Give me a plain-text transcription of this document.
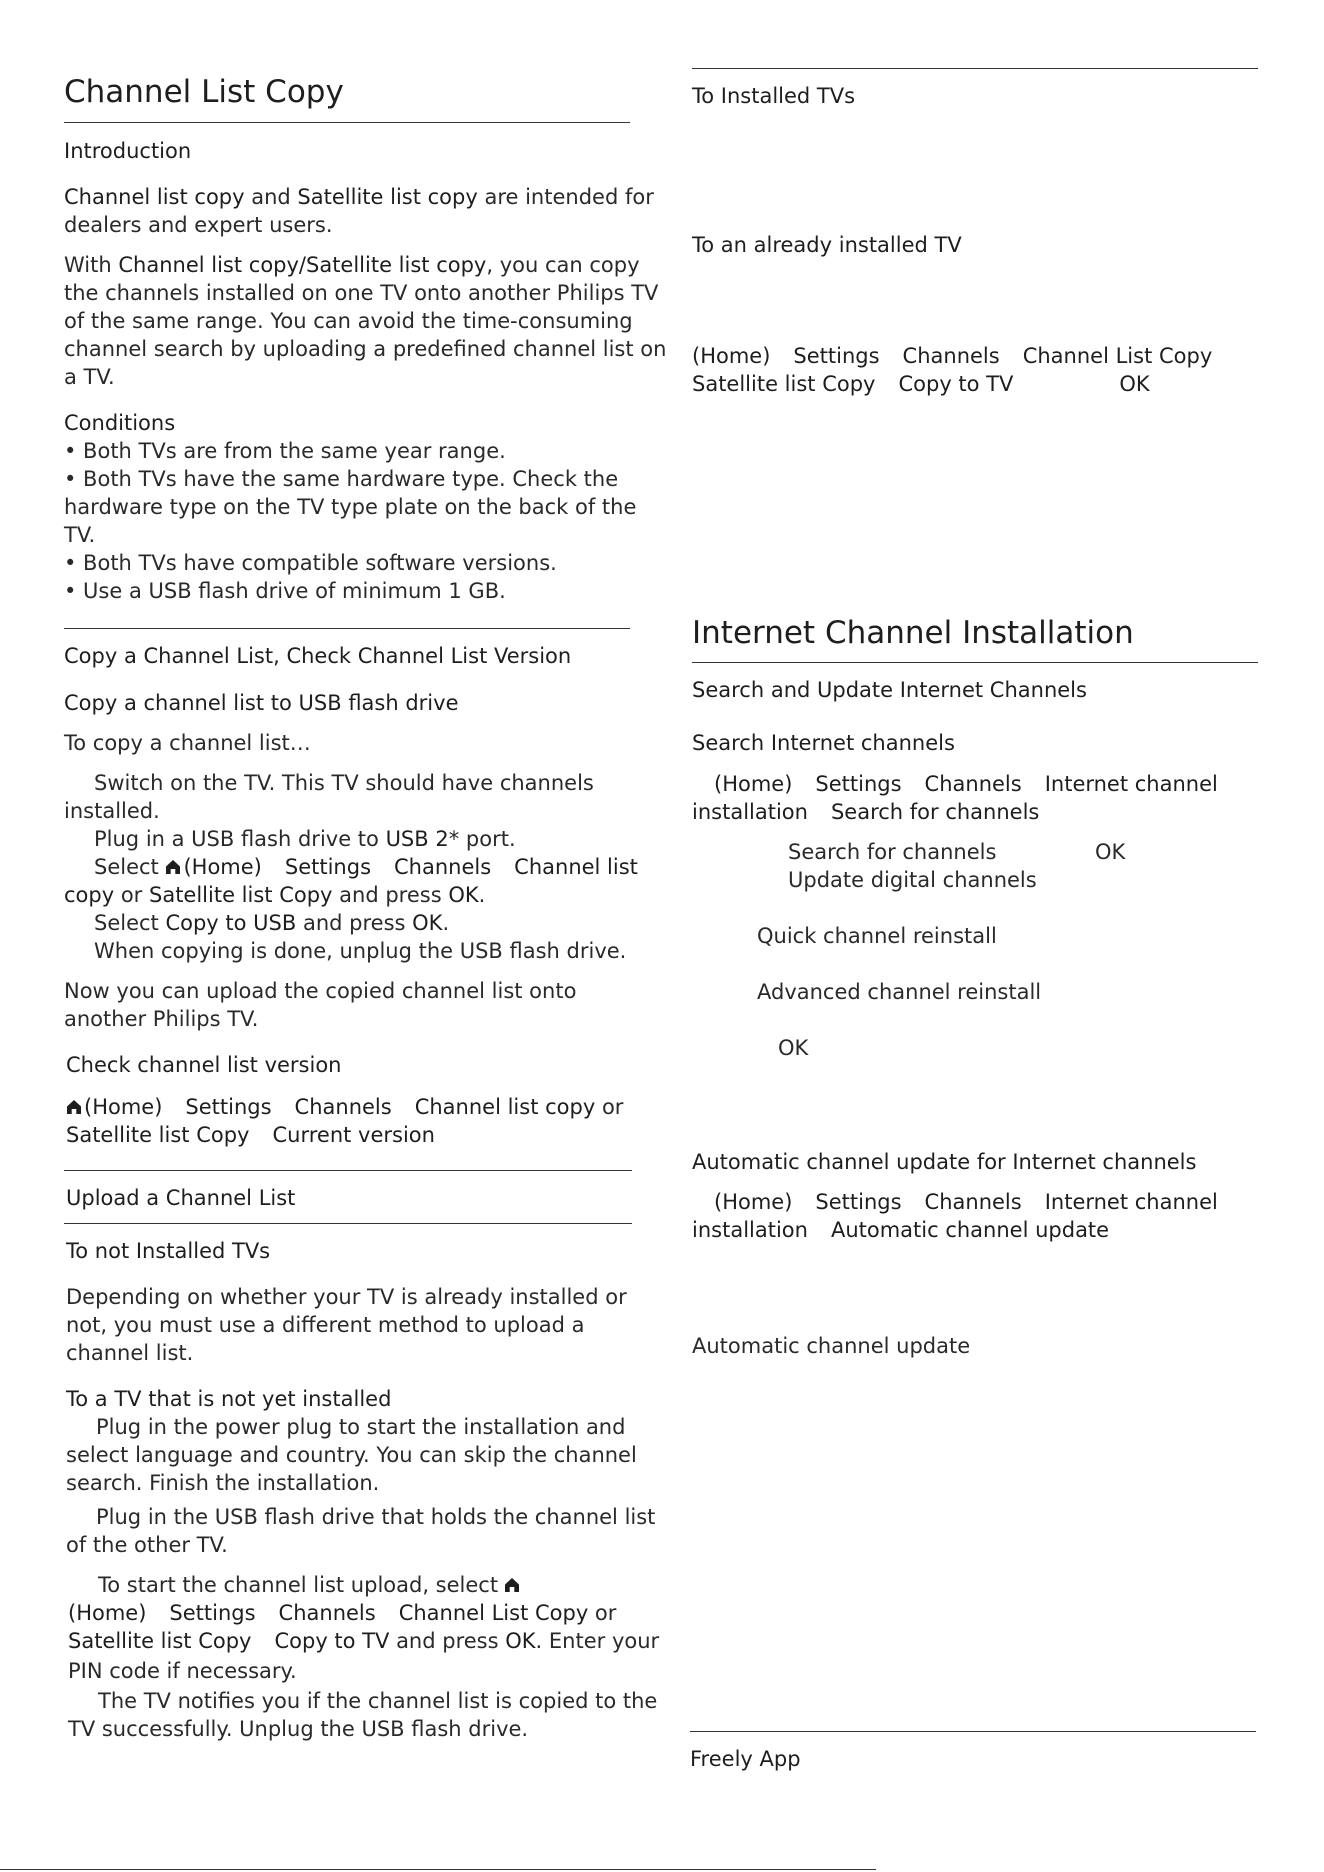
Channel List Copy
Introduction
Channel list copy and Satellite list copy are intended for
dealers and expert users.
With Channel list copy/Satellite list copy, you can copy
the channels installed on one TV onto another Philips TV
of the same range. You can avoid the time-consuming
channel search by uploading a predefined channel list on
a TV.
Conditions
• Both TVs are from the same year range.
• Both TVs have the same hardware type. Check the
hardware type on the TV type plate on the back of the
TV.
• Both TVs have compatible software versions.
• Use a USB flash drive of minimum 1 GB.
Copy a Channel List, Check Channel List Version
Copy a channel list to USB flash drive
To copy a channel list…
Switch on the TV. This TV should have channels
installed.
Plug in a USB flash drive to USB 2* port.
Select
(Home) Settings Channels Channel list
copy or Satellite list Copy and press OK.
Select Copy to USB and press OK.
When copying is done, unplug the USB flash drive.
Now you can upload the copied channel list onto
another Philips TV.
Check channel list version
(Home) Settings Channels Channel list copy or
Satellite list Copy Current version
Upload a Channel List
To not Installed TVs
Depending on whether your TV is already installed or
not, you must use a different method to upload a
channel list.
To a TV that is not yet installed
Plug in the power plug to start the installation and
select language and country. You can skip the channel
search. Finish the installation.
Plug in the USB flash drive that holds the channel list
of the other TV.
To start the channel list upload, select
(Home) Settings Channels Channel List Copy or
Satellite list Copy Copy to TV and press OK. Enter your
PIN code if necessary.
The TV notifies you if the channel list is copied to the
TV successfully. Unplug the USB flash drive.
To Installed TVs
To an already installed TV
(Home) Settings Channels Channel List Copy
Satellite list Copy Copy to TV	OK
Internet Channel Installation
Search and Update Internet Channels
Search Internet channels
(Home) Settings Channels Internet channel
installation Search for channels
Search for channels	OK
Update digital channels
Quick channel reinstall
Advanced channel reinstall
OK
Automatic channel update for Internet channels
(Home) Settings Channels Internet channel
installation Automatic channel update
Automatic channel update
Freely App
